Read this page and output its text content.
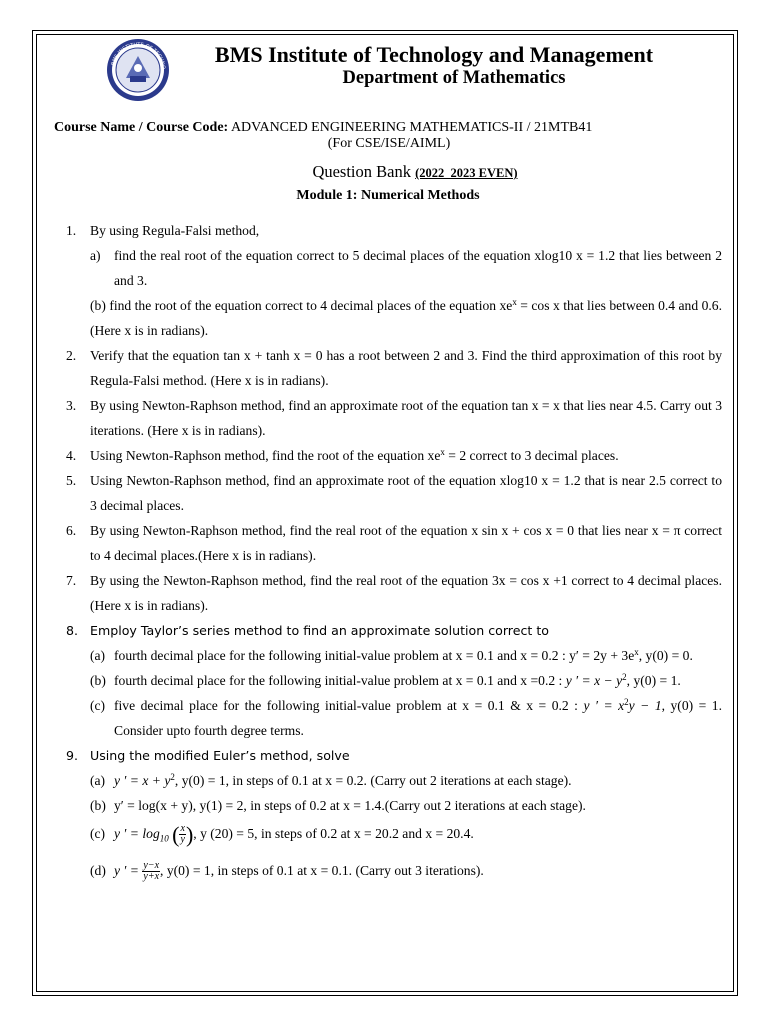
BMS INSTITUTE OF TECHNO
BMS Institute of Technology and Management
Department of Mathematics
Course Name / Course Code: ADVANCED ENGINEERING MATHEMATICS-II / 21MTB41
(For CSE/ISE/AIML)
Question Bank (2022_2023 EVEN)
Module 1: Numerical Methods
1. By using Regula-Falsi method,
a) find the real root of the equation correct to 5 decimal places of the equation xlog10 x = 1.2 that lies between 2 and 3.
(b) find the root of the equation correct to 4 decimal places of the equation $xe^x = \cos x$ that lies between 0.4 and 0.6.(Here x is in radians).
2. Verify that the equation tan x + tanh x = 0 has a root between 2 and 3. Find the third approximation of this root by Regula-Falsi method. (Here x is in radians).
3. By using Newton-Raphson method, find an approximate root of the equation tan x = x that lies near 4.5. Carry out 3 iterations. (Here x is in radians).
4. Using Newton-Raphson method, find the root of the equation $xe^x = 2$ correct to 3 decimal places.
5. Using Newton-Raphson method, find an approximate root of the equation xlog10 x = 1.2 that is near 2.5 correct to 3 decimal places.
6. By using Newton-Raphson method, find the real root of the equation x sin x + cos x = 0 that lies near x = π correct to 4 decimal places.(Here x is in radians).
7. By using the Newton-Raphson method, find the real root of the equation 3x = cos x +1 correct to 4 decimal places. (Here x is in radians).
8. Employ Taylor’s series method to find an approximate solution correct to
(a) fourth decimal place for the following initial-value problem at x = 0.1 and x = 0.2 : $y' = 2y + 3e^x$, y(0) = 0.
(b) fourth decimal place for the following initial-value problem at x = 0.1 and x =0.2 : y ′ = $x - y^2$, y(0) = 1.
(c) five decimal place for the following initial-value problem at x = 0.1 & x = 0.2 : y ′ = $x^2y - 1$, y(0) = 1. Consider upto fourth degree terms.
9. Using the modified Euler’s method, solve
(a) y ′ = $x + y^2$, y(0) = 1, in steps of 0.1 at x = 0.2. (Carry out 2 iterations at each stage).
(b) y′ = log(x + y), y(1) = 2, in steps of 0.2 at x = 1.4.(Carry out 2 iterations at each stage).
(c) y ′ = $\log_{10}$ ( $\frac{x}{y}$ ), y (20) = 5, in steps of 0.2 at x = 20.2 and x = 20.4.
(d) y ′ = $\frac{y-x}{y+x}$ , y(0) = 1, in steps of 0.1 at x = 0.1. (Carry out 3 iterations).
